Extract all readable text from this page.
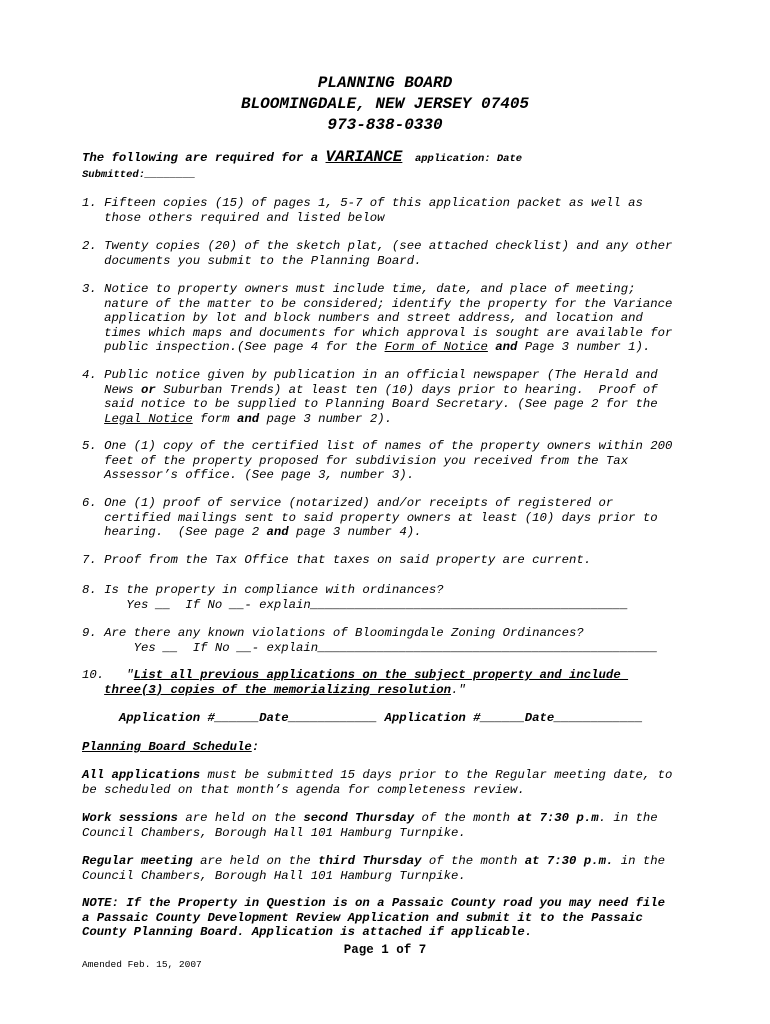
PLANNING BOARD
BLOOMINGDALE, NEW JERSEY 07405
973-838-0330
The following are required for a VARIANCE  application: Date
Submitted:________
1. Fifteen copies (15) of pages 1, 5-7 of this application packet as well as
those others required and listed below
2. Twenty copies (20) of the sketch plat, (see attached checklist) and any other
documents you submit to the Planning Board.
3. Notice to property owners must include time, date, and place of meeting;
nature of the matter to be considered; identify the property for the Variance
application by lot and block numbers and street address, and location and
times which maps and documents for which approval is sought are available for
public inspection.(See page 4 for the Form of Notice and Page 3 number 1).
4. Public notice given by publication in an official newspaper (The Herald and
News or Suburban Trends) at least ten (10) days prior to hearing.  Proof of
said notice to be supplied to Planning Board Secretary. (See page 2 for the
Legal Notice form and page 3 number 2).
5. One (1) copy of the certified list of names of the property owners within 200
feet of the property proposed for subdivision you received from the Tax
Assessor’s office. (See page 3, number 3).
6. One (1) proof of service (notarized) and/or receipts of registered or
certified mailings sent to said property owners at least (10) days prior to
hearing.  (See page 2 and page 3 number 4).
7. Proof from the Tax Office that taxes on said property are current.
8. Is the property in compliance with ordinances?
Yes __  If No __- explain___________________________________________
9. Are there any known violations of Bloomingdale Zoning Ordinances?
Yes __  If No __- explain______________________________________________
10.   "List all previous applications on the subject property and include
three(3) copies of the memorializing resolution."
Application #______Date____________ Application #______Date____________
Planning Board Schedule:
All applications must be submitted 15 days prior to the Regular meeting date, to
be scheduled on that month’s agenda for completeness review.
Work sessions are held on the second Thursday of the month at 7:30 p.m. in the
Council Chambers, Borough Hall 101 Hamburg Turnpike.
Regular meeting are held on the third Thursday of the month at 7:30 p.m. in the
Council Chambers, Borough Hall 101 Hamburg Turnpike.
NOTE: If the Property in Question is on a Passaic County road you may need file
a Passaic County Development Review Application and submit it to the Passaic
County Planning Board. Application is attached if applicable.
Page 1 of 7
Amended Feb. 15, 2007
